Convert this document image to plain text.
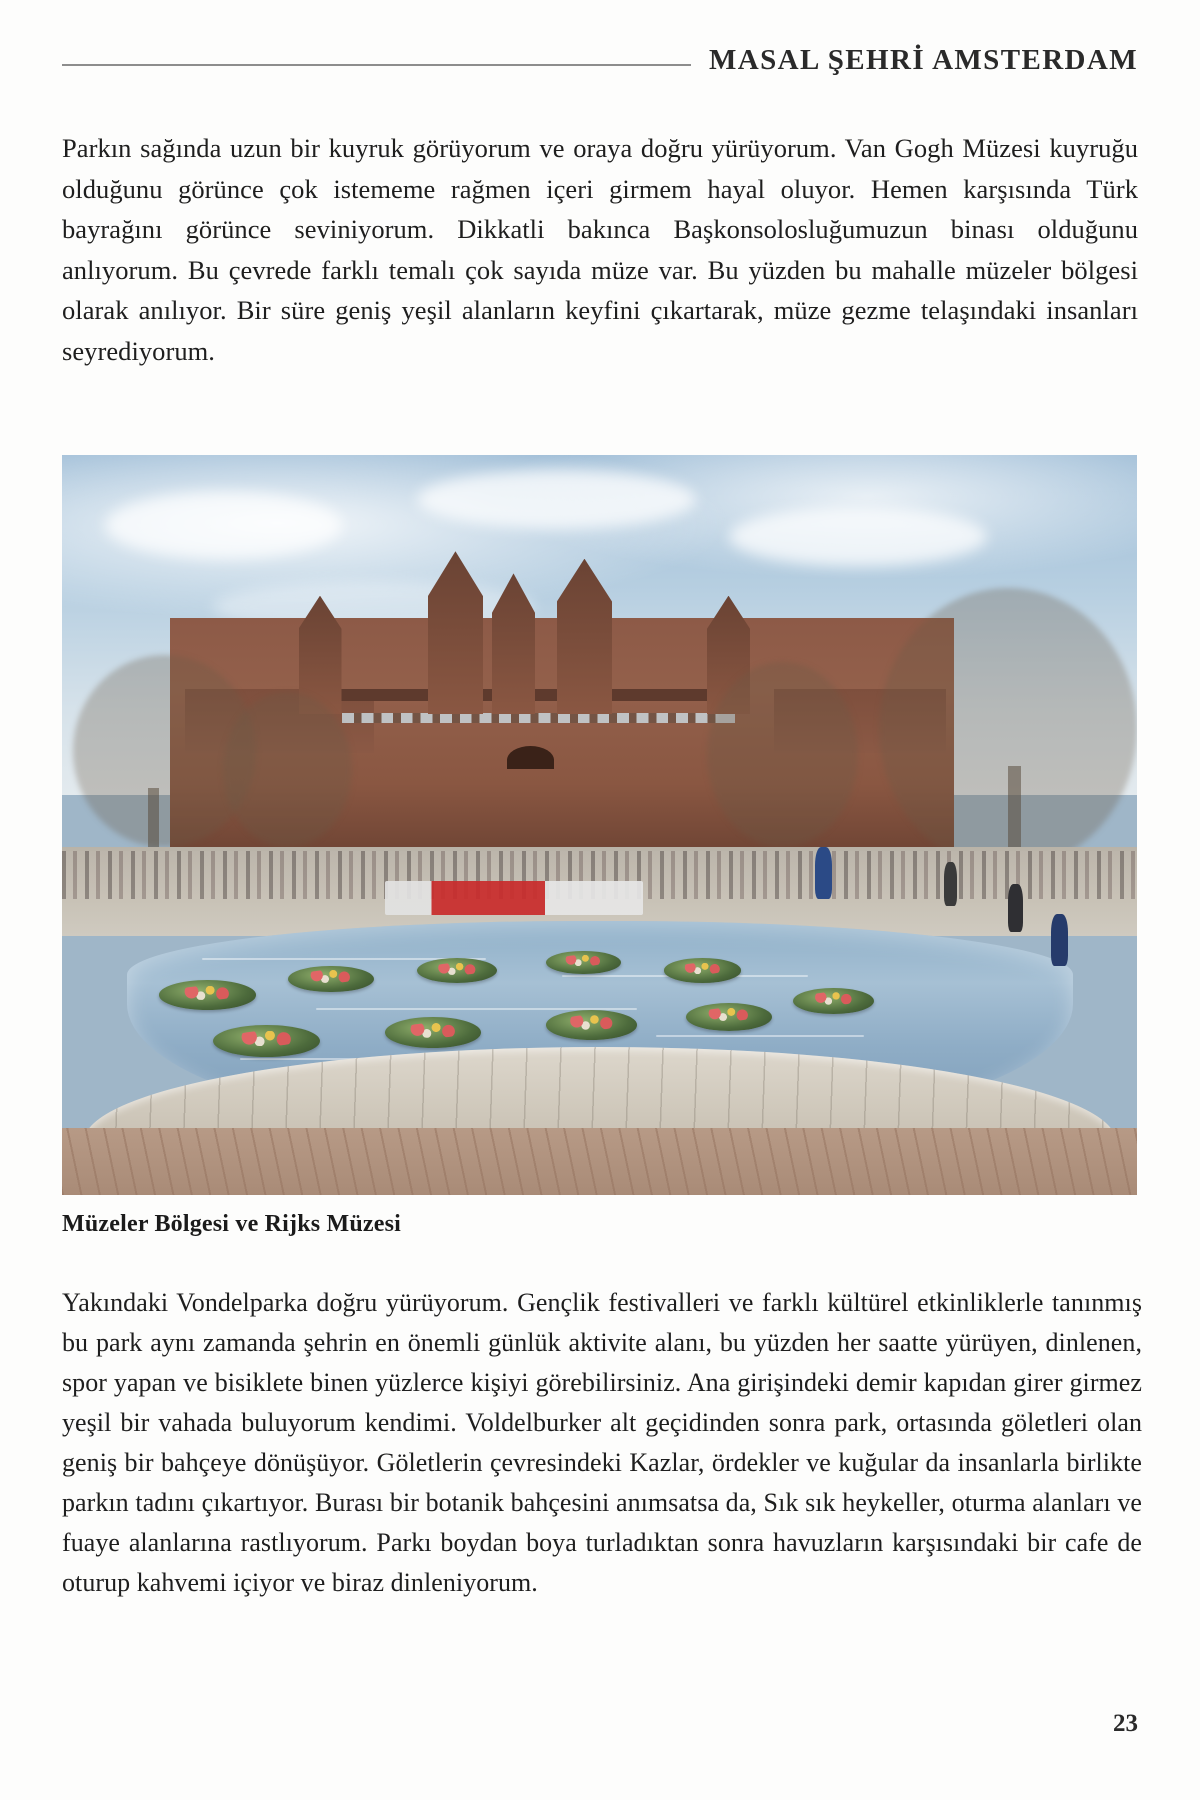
MASAL ŞEHRİ AMSTERDAM

Parkın sağında uzun bir kuyruk görüyorum ve oraya doğru yürüyorum. Van Gogh Müzesi kuyruğu olduğunu görünce çok istememe rağmen içeri girmem hayal oluyor. Hemen karşısında Türk bayrağını görünce seviniyorum. Dikkatli bakınca Başkonsolosluğumuzun binası olduğunu anlıyorum. Bu çevrede farklı temalı çok sayıda müze var. Bu yüzden bu mahalle müzeler bölgesi olarak anılıyor. Bir süre geniş yeşil alanların keyfini çıkartarak, müze gezme telaşındaki insanları seyrediyorum.

Müzeler Bölgesi ve Rijks Müzesi

Yakındaki Vondelparka doğru yürüyorum. Gençlik festivalleri ve farklı kültürel etkinliklerle tanınmış bu park aynı zamanda şehrin en önemli günlük aktivite alanı, bu yüzden her saatte yürüyen, dinlenen, spor yapan ve bisiklete binen yüzlerce kişiyi görebilirsiniz. Ana girişindeki demir kapıdan girer girmez yeşil bir vahada buluyorum kendimi. Voldelburker alt geçidinden sonra park, ortasında göletleri olan geniş bir bahçeye dönüşüyor. Göletlerin çevresindeki Kazlar, ördekler ve kuğular da insanlarla birlikte parkın tadını çıkartıyor. Burası bir botanik bahçesini anımsatsa da, Sık sık heykeller, oturma alanları ve fuaye alanlarına rastlıyorum. Parkı boydan boya turladıktan sonra havuzların karşısındaki bir cafe de oturup kahvemi içiyor ve biraz dinleniyorum.

23
